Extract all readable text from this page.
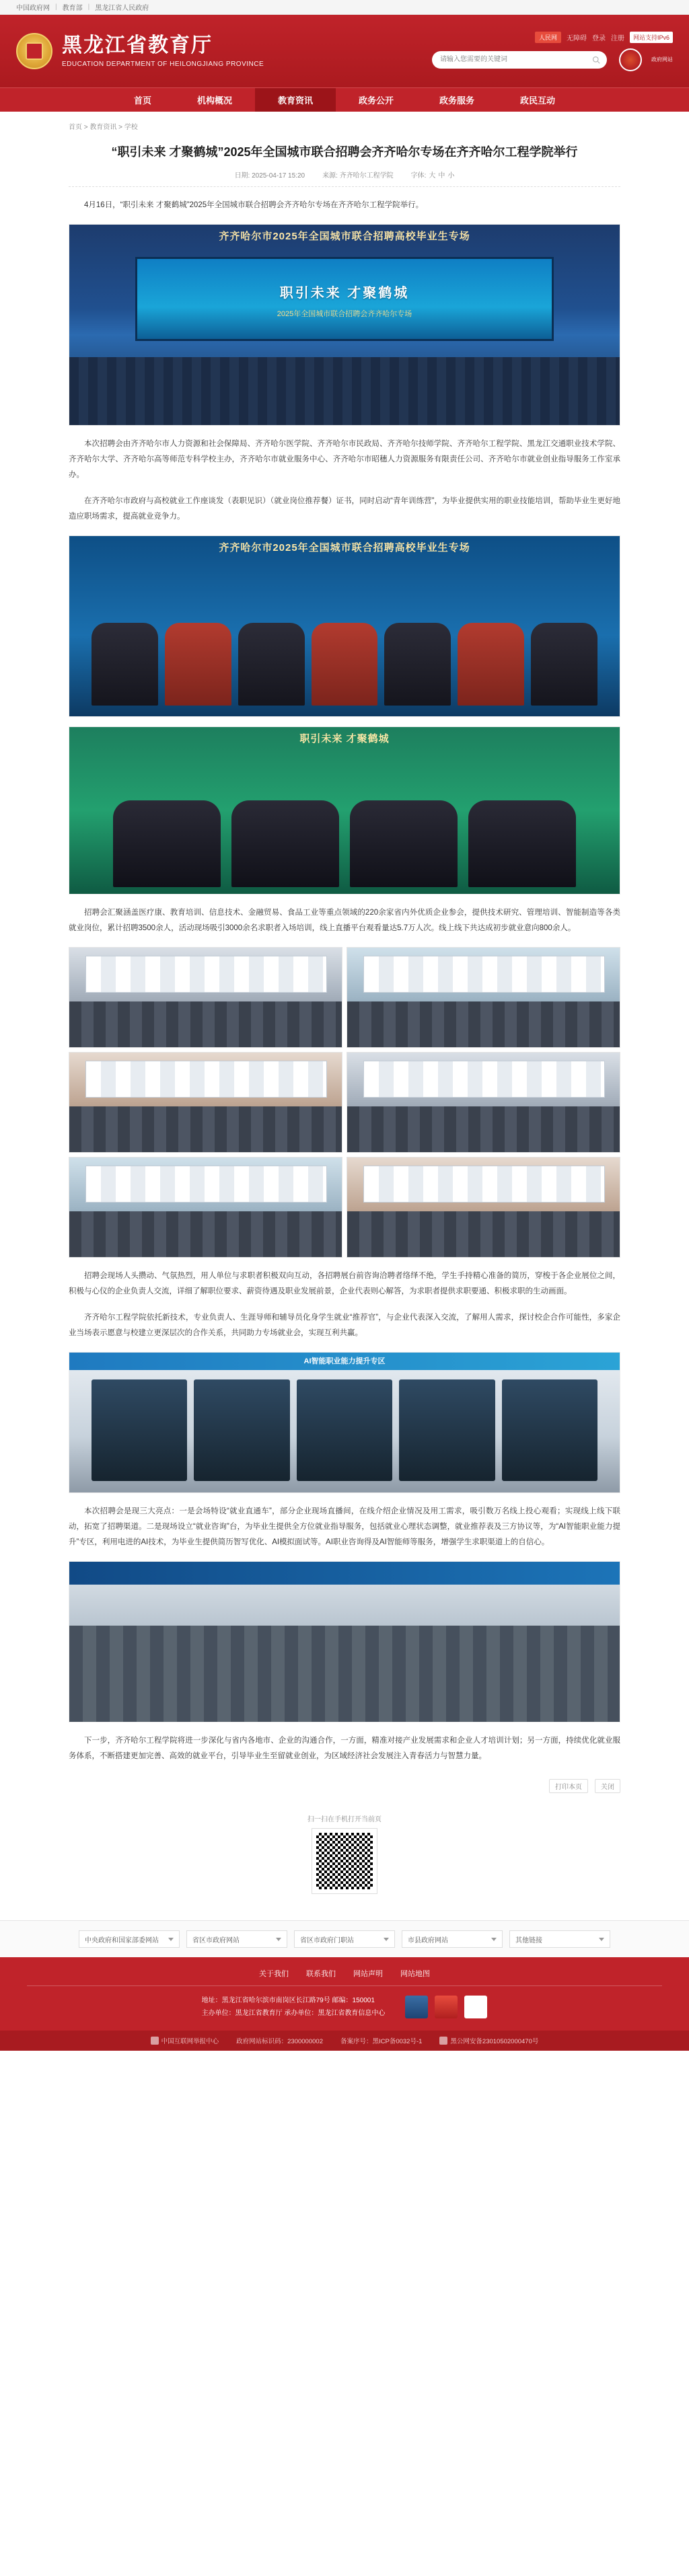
中国政府网 | 教育部 | 黑龙江省人民政府
黑龙江省教育厅
EDUCATION DEPARTMENT OF HEILONGJIANG PROVINCE
人民网	无障碍 登录 注册	网站支持IPv6
请输入您需要的关键词
政府网站
首页	机构概况	教育资讯	政务公开	政务服务	政民互动
首页 > 教育资讯 > 学校
“职引未来 才聚鹤城”2025年全国城市联合招聘会齐齐哈尔专场在齐齐哈尔工程学院举行
日期: 2025-04-17 15:20	来源: 齐齐哈尔工程学院	字体: 大 中 小

4月16日，“职引未来 才聚鹤城”2025年全国城市联合招聘会齐齐哈尔专场在齐齐哈尔工程学院举行。

齐齐哈尔市2025年全国城市联合招聘高校毕业生专场
职引未来 才聚鹤城
2025年全国城市联合招聘会齐齐哈尔专场

本次招聘会由齐齐哈尔市人力资源和社会保障局、齐齐哈尔医学院、齐齐哈尔市民政局、齐齐哈尔技师学院、齐齐哈尔工程学院、黑龙江交通职业技术学院、齐齐哈尔大学、齐齐哈尔高等师范专科学校主办，齐齐哈尔市就业服务中心、齐齐哈尔市昭穗人力资源服务有限责任公司、齐齐哈尔市就业创业指导服务工作室承办。

在齐齐哈尔市政府与高校就业工作座谈发（表职见识）（就业岗位推荐餐）证书，同时启动“青年训练营”，为毕业提供实用的职业技能培训，帮助毕业生更好地造应职场需求，提高就业竞争力。

齐齐哈尔市2025年全国城市联合招聘高校毕业生专场
职引未来 才聚鹤城

招聘会汇聚涵盖医疗康、教育培训、信息技术、金融贸易、食品工业等重点领域的220余家省内外优质企业参会，提供技术研究、管理培训、智能制造等各类就业岗位，累计招聘3500余人，活动现场吸引3000余名求职者入场培训，线上直播平台观看量达5.7万人次。线上线下共达成初步就业意向800余人。

招聘会现场人头攒动、气氛热烈，用人单位与求职者积极双向互动，各招聘展台前咨询洽聘者络绎不绝，学生手持精心准备的简历，穿梭于各企业展位之间，积极与心仪的企业负责人交流，详细了解职位要求、薪资待遇及职业发展前景，企业代表则心解答，为求职者提供求职要通、积极求职的生动画面。

齐齐哈尔工程学院依托新技术，专业负责人、生涯导师和辅导员化身学生就业“推荐官”，与企业代表深入交流，了解用人需求，探讨校企合作可能性，多家企业当场表示愿意与校建立更深层次的合作关系，共同助力专场就业会，实现互利共赢。

AI智能职业能力提升专区

本次招聘会是现三大亮点：一是会场特设“就业直通车”，部分企业现场直播间，在线介绍企业情况及用工需求，吸引数万名线上投心观看；实现线上线下联动，拓宽了招聘渠道。二是现场设立“就业咨询”台，为毕业生提供全方位就业指导服务，包括就业心理状态调整，就业推荐表及三方协议等，为“AI智能职业能力提升”专区，利用电进的AI技术，为毕业生提供简历智写优化、AI模拟面试等。AI职业咨询得及AI智能师等服务，增强学生求职渠道上的自信心。

下一步，齐齐哈尔工程学院将进一步深化与省内各地市、企业的沟通合作，一方面，精准对接产业发展需求和企业人才培训计划；另一方面，持续优化就业服务体系，不断搭建更加完善、高效的就业平台，引导毕业生至留就业创业，为区域经济社会发展注入青春活力与智慧力量。

打印本页	关闭
扫一扫在手机打开当前页
中央政府和国家部委网站	省区市政府网站	省区市政府门职站	市县政府网站	其他链接
关于我们 联系我们 网站声明 网站地图
地址：黑龙江省哈尔滨市南岗区长江路79号 邮编：150001
主办单位：黑龙江省教育厅 承办单位：黑龙江省教育信息中心
中国互联网举报中心	政府网站标识码：2300000002	备案序号：黑ICP备0032号-1	黑公网安备23010502000470号
